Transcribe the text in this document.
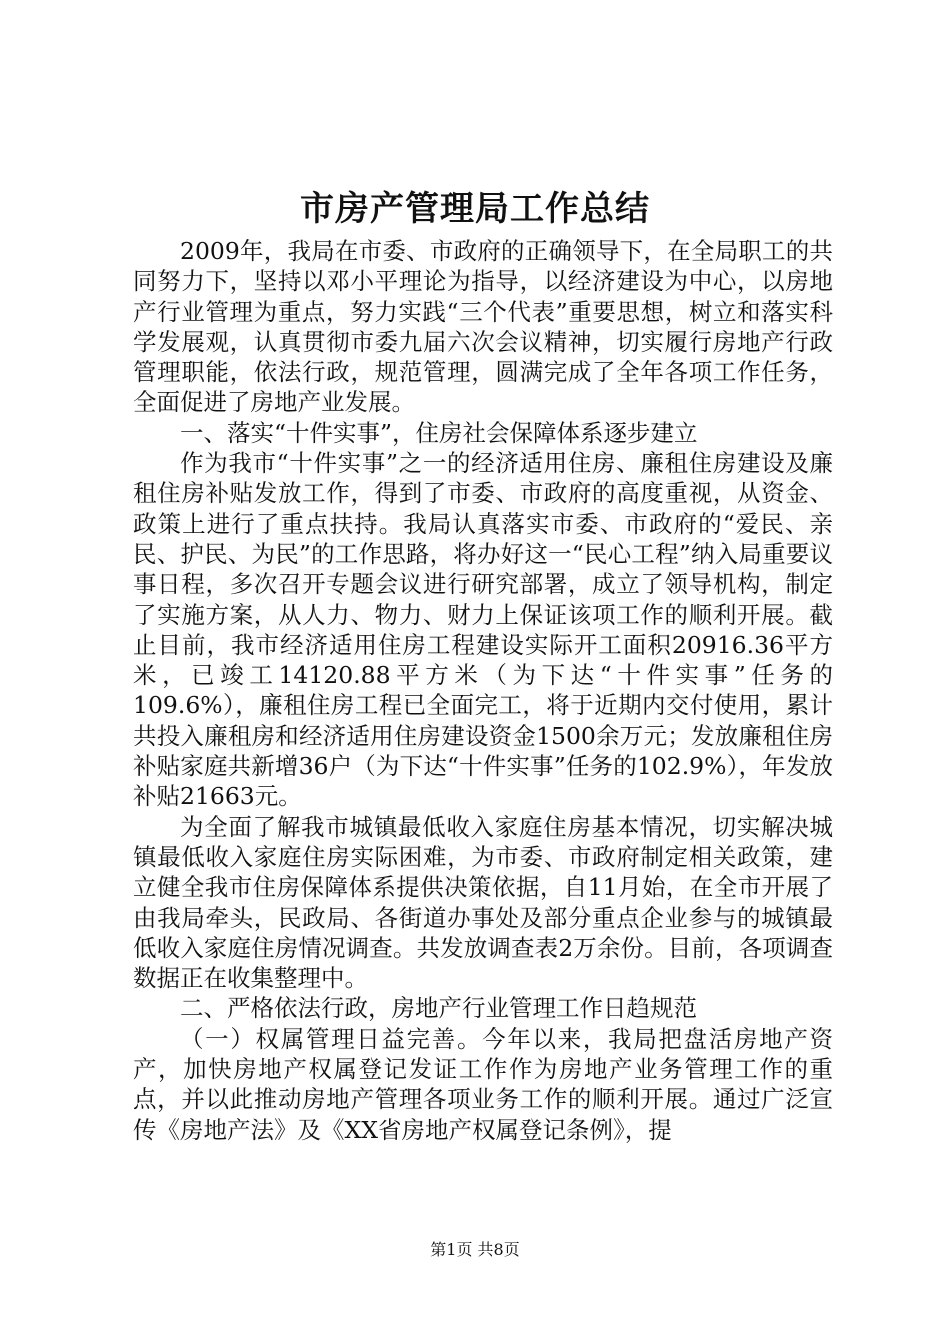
市房产管理局工作总结

2009年，我局在市委、市政府的正确领导下，在全局职工的共同努力下，坚持以邓小平理论为指导，以经济建设为中心，以房地产行业管理为重点，努力实践“三个代表”重要思想，树立和落实科学发展观，认真贯彻市委九届六次会议精神，切实履行房地产行政管理职能，依法行政，规范管理，圆满完成了全年各项工作任务，全面促进了房地产业发展。

一、落实“十件实事”，住房社会保障体系逐步建立

作为我市“十件实事”之一的经济适用住房、廉租住房建设及廉租住房补贴发放工作，得到了市委、市政府的高度重视，从资金、政策上进行了重点扶持。我局认真落实市委、市政府的“爱民、亲民、护民、为民”的工作思路，将办好这一“民心工程”纳入局重要议事日程，多次召开专题会议进行研究部署，成立了领导机构，制定了实施方案，从人力、物力、财力上保证该项工作的顺利开展。截止目前，我市经济适用住房工程建设实际开工面积20916.36平方米，已竣工14120.88平方米（为下达“十件实事”任务的109.6%），廉租住房工程已全面完工，将于近期内交付使用，累计共投入廉租房和经济适用住房建设资金1500余万元；发放廉租住房补贴家庭共新增36户（为下达“十件实事”任务的102.9%），年发放补贴21663元。

为全面了解我市城镇最低收入家庭住房基本情况，切实解决城镇最低收入家庭住房实际困难，为市委、市政府制定相关政策，建立健全我市住房保障体系提供决策依据，自11月始，在全市开展了由我局牵头，民政局、各街道办事处及部分重点企业参与的城镇最低收入家庭住房情况调查。共发放调查表2万余份。目前，各项调查数据正在收集整理中。

二、严格依法行政，房地产行业管理工作日趋规范

（一）权属管理日益完善。今年以来，我局把盘活房地产资产，加快房地产权属登记发证工作作为房地产业务管理工作的重点，并以此推动房地产管理各项业务工作的顺利开展。通过广泛宣传《房地产法》及《XX省房地产权属登记条例》，提

第1页 共8页
